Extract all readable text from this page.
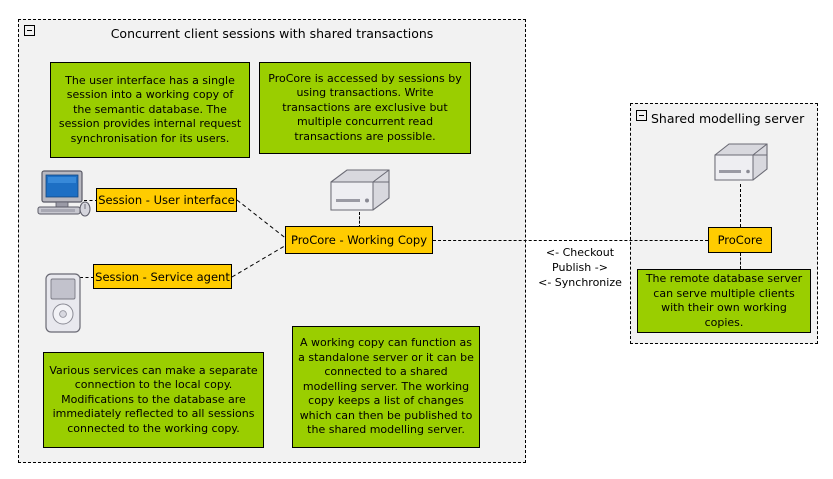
Concurrent client sessions with shared transactions
Shared modelling server
The user interface has a single session into a working copy of the semantic database. The session provides internal request synchronisation for its users.
ProCore is accessed by sessions by using transactions. Write transactions are exclusive but multiple concurrent read transactions are possible.
Various services can make a separate connection to the local copy. Modifications to the database are immediately reflected to all sessions connected to the working copy.
A working copy can function as a standalone server or it can be connected to a shared modelling server. The working copy keeps a list of changes which can then be published to the shared modelling server.
The remote database server can serve multiple clients with their own working copies.
Session - User interface
Session - Service agent
ProCore - Working Copy	ProCore
<- Checkout
Publish ->
<- Synchronize
